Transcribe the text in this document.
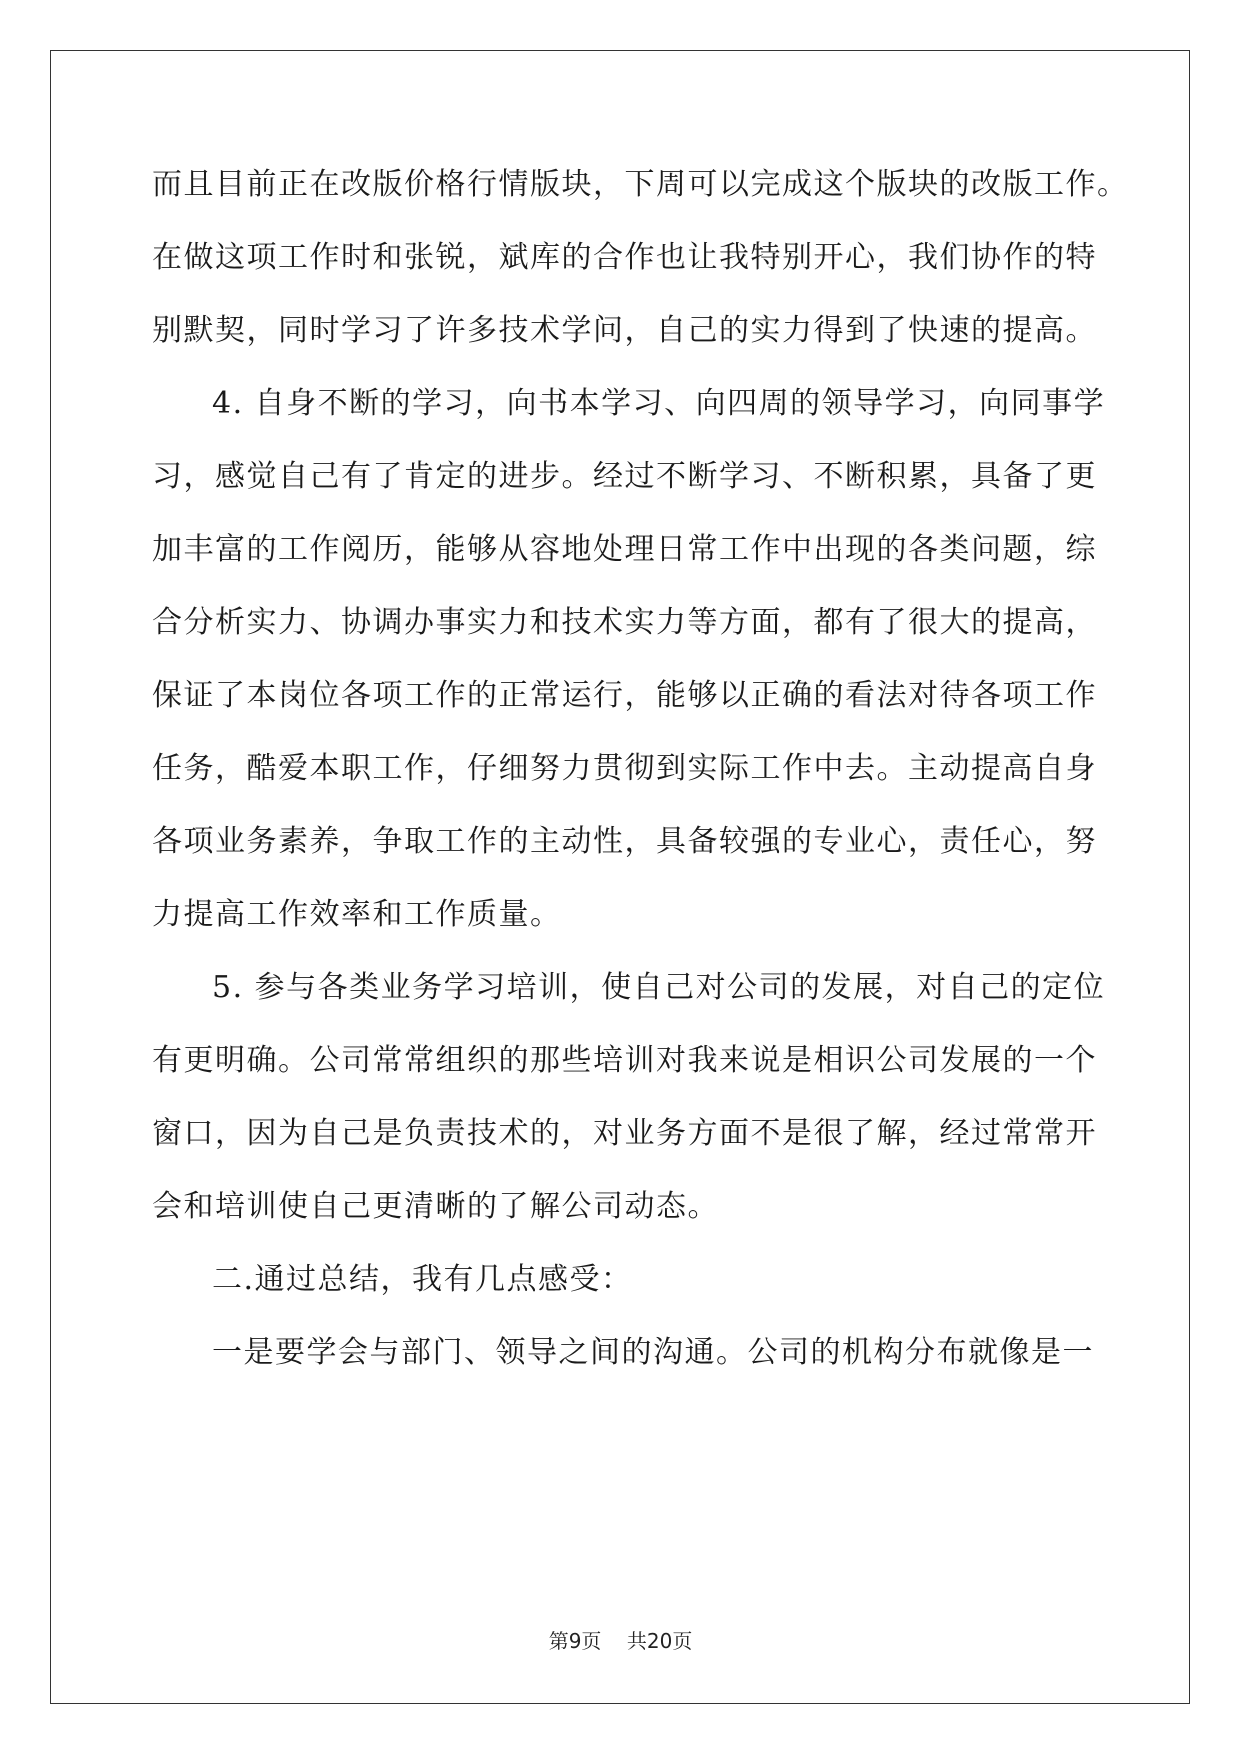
而且目前正在改版价格行情版块，下周可以完成这个版块的改版工作。
在做这项工作时和张锐，斌库的合作也让我特别开心，我们协作的特
别默契，同时学习了许多技术学问，自己的实力得到了快速的提高。
4. 自身不断的学习，向书本学习、向四周的领导学习，向同事学
习，感觉自己有了肯定的进步。经过不断学习、不断积累，具备了更
加丰富的工作阅历，能够从容地处理日常工作中出现的各类问题，综
合分析实力、协调办事实力和技术实力等方面，都有了很大的提高，
保证了本岗位各项工作的正常运行，能够以正确的看法对待各项工作
任务，酷爱本职工作，仔细努力贯彻到实际工作中去。主动提高自身
各项业务素养，争取工作的主动性，具备较强的专业心，责任心，努
力提高工作效率和工作质量。
5. 参与各类业务学习培训，使自己对公司的发展，对自己的定位
有更明确。公司常常组织的那些培训对我来说是相识公司发展的一个
窗口，因为自己是负责技术的，对业务方面不是很了解，经过常常开
会和培训使自己更清晰的了解公司动态。
二.通过总结，我有几点感受：
一是要学会与部门、领导之间的沟通。公司的机构分布就像是一
第9页 共20页
